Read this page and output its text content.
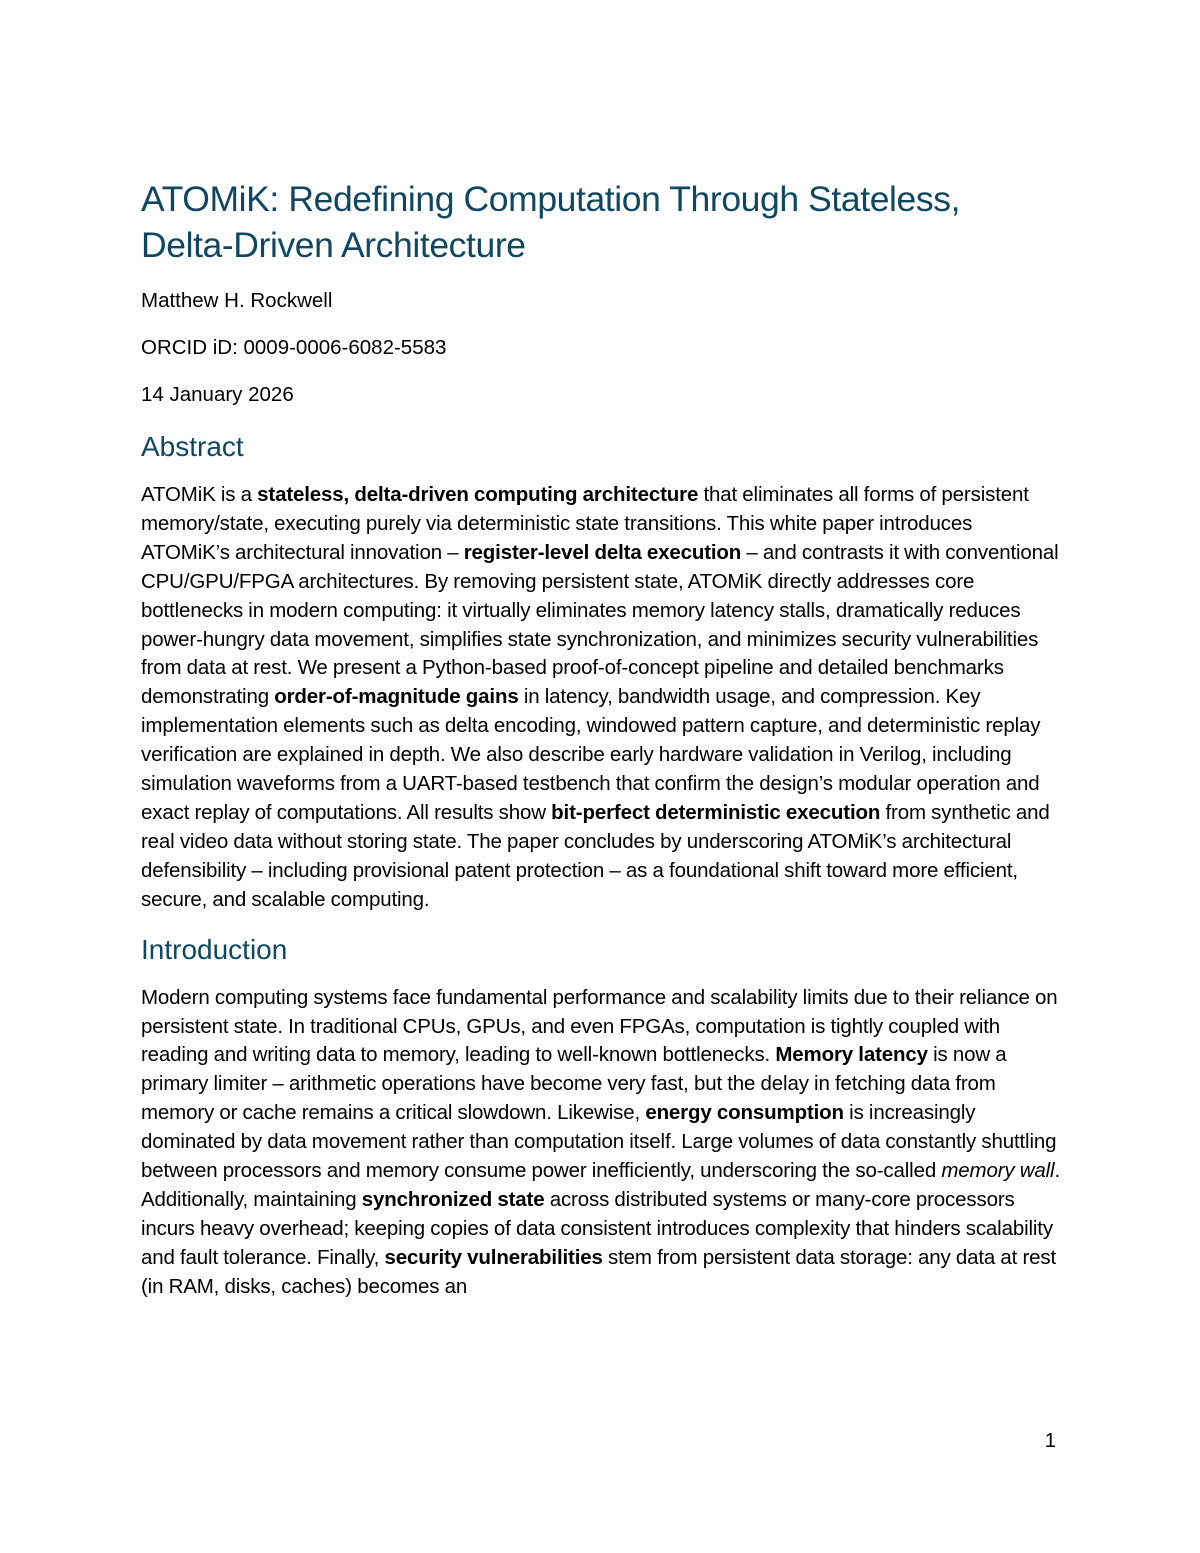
ATOMiK: Redefining Computation Through Stateless,
Delta-Driven Architecture

Matthew H. Rockwell

ORCID iD: 0009-0006-6082-5583

14 January 2026

Abstract

ATOMiK is a stateless, delta-driven computing architecture that eliminates all forms of persistent memory/state, executing purely via deterministic state transitions. This white paper introduces ATOMiK’s architectural innovation – register-level delta execution – and contrasts it with conventional CPU/GPU/FPGA architectures. By removing persistent state, ATOMiK directly addresses core bottlenecks in modern computing: it virtually eliminates memory latency stalls, dramatically reduces power-hungry data movement, simplifies state synchronization, and minimizes security vulnerabilities from data at rest. We present a Python-based proof-of-concept pipeline and detailed benchmarks demonstrating order-of-magnitude gains in latency, bandwidth usage, and compression. Key implementation elements such as delta encoding, windowed pattern capture, and deterministic replay verification are explained in depth. We also describe early hardware validation in Verilog, including simulation waveforms from a UART-based testbench that confirm the design’s modular operation and exact replay of computations. All results show bit-perfect deterministic execution from synthetic and real video data without storing state. The paper concludes by underscoring ATOMiK’s architectural defensibility – including provisional patent protection – as a foundational shift toward more efficient, secure, and scalable computing.

Introduction

Modern computing systems face fundamental performance and scalability limits due to their reliance on persistent state. In traditional CPUs, GPUs, and even FPGAs, computation is tightly coupled with reading and writing data to memory, leading to well-known bottlenecks. Memory latency is now a primary limiter – arithmetic operations have become very fast, but the delay in fetching data from memory or cache remains a critical slowdown. Likewise, energy consumption is increasingly dominated by data movement rather than computation itself. Large volumes of data constantly shuttling between processors and memory consume power inefficiently, underscoring the so-called memory wall. Additionally, maintaining synchronized state across distributed systems or many-core processors incurs heavy overhead; keeping copies of data consistent introduces complexity that hinders scalability and fault tolerance. Finally, security vulnerabilities stem from persistent data storage: any data at rest (in RAM, disks, caches) becomes an

1
